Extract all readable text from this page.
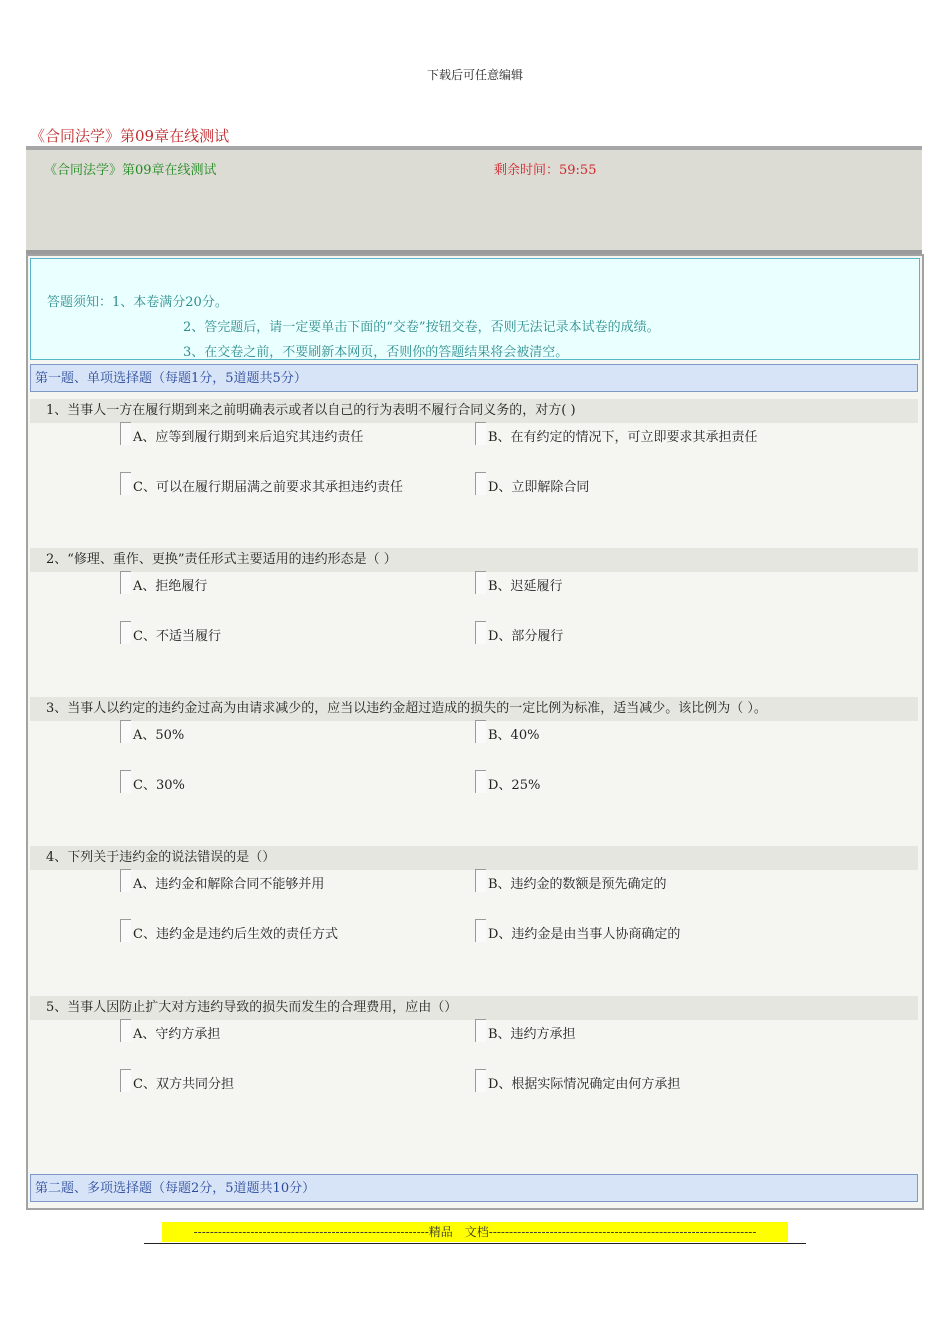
下载后可任意编辑
《合同法学》第09章在线测试
《合同法学》第09章在线测试	剩余时间：59:55
答题须知：1、本卷满分20分。
2、答完题后，请一定要单击下面的“交卷”按钮交卷，否则无法记录本试卷的成绩。
3、在交卷之前，不要刷新本网页，否则你的答题结果将会被清空。
第一题、单项选择题（每题1分，5道题共5分）
1、当事人一方在履行期到来之前明确表示或者以自己的行为表明不履行合同义务的，对方( )
A、应等到履行期到来后追究其违约责任	B、在有约定的情况下，可立即要求其承担责任
C、可以在履行期届满之前要求其承担违约责任	D、立即解除合同
2、“修理、重作、更换”责任形式主要适用的违约形态是（ ）
A、拒绝履行	B、迟延履行
C、不适当履行	D、部分履行
3、当事人以约定的违约金过高为由请求减少的，应当以违约金超过造成的损失的一定比例为标准，适当减少。该比例为（ ）。
A、50%	B、40%
C、30%	D、25%
4、下列关于违约金的说法错误的是（）
A、违约金和解除合同不能够并用	B、违约金的数额是预先确定的
C、违约金是违约后生效的责任方式	D、违约金是由当事人协商确定的
5、当事人因防止扩大对方违约导致的损失而发生的合理费用，应由（）
A、守约方承担	B、违约方承担
C、双方共同分担	D、根据实际情况确定由何方承担
第二题、多项选择题（每题2分，5道题共10分）
----------------------------------------------------------精品　文档------------------------------------------------------------------
